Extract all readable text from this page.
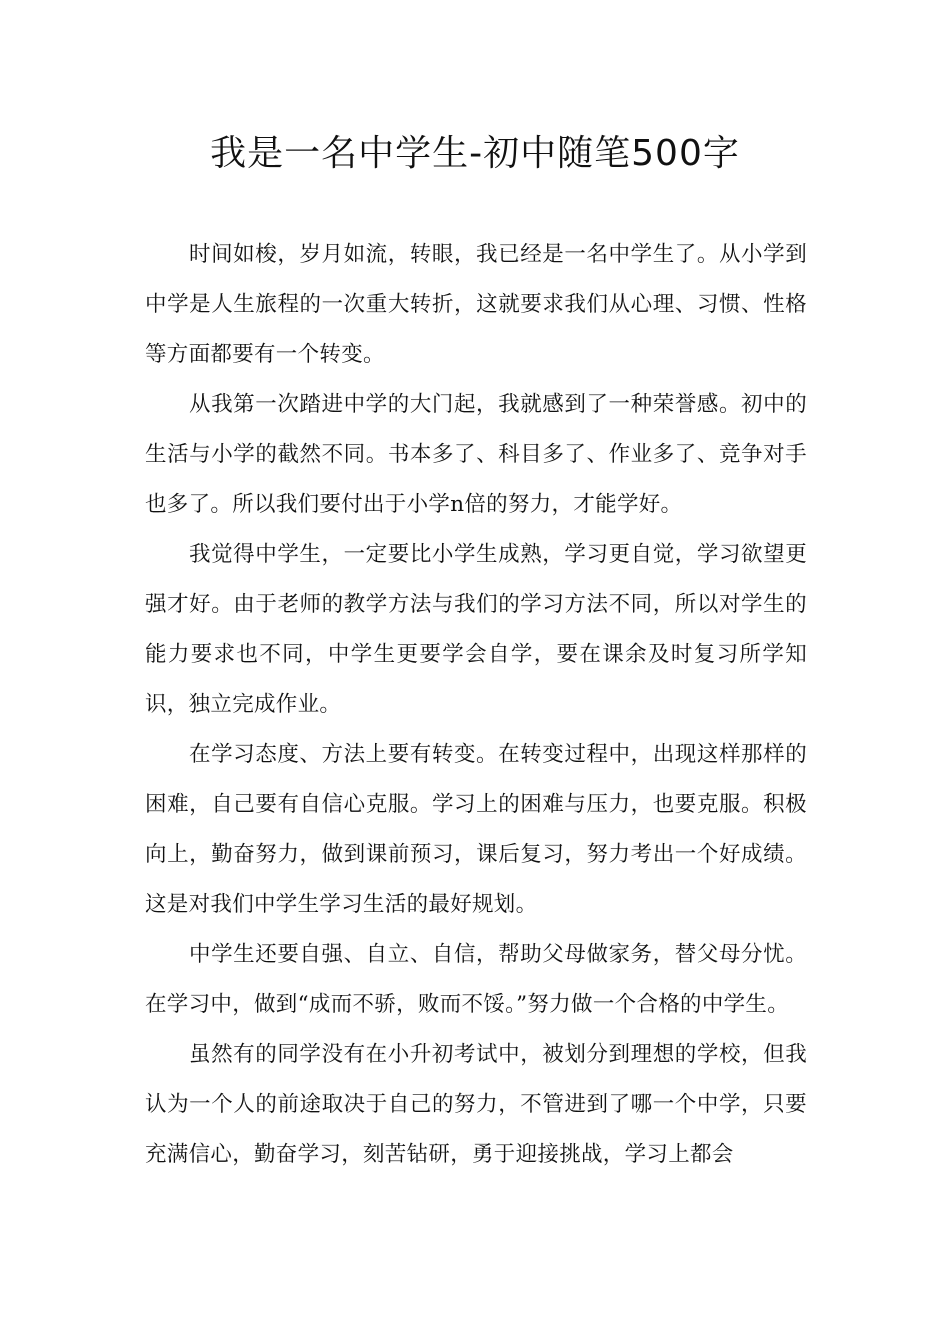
我是一名中学生-初中随笔500字

时间如梭，岁月如流，转眼，我已经是一名中学生了。从小学到中学是人生旅程的一次重大转折，这就要求我们从心理、习惯、性格等方面都要有一个转变。

从我第一次踏进中学的大门起，我就感到了一种荣誉感。初中的生活与小学的截然不同。书本多了、科目多了、作业多了、竞争对手也多了。所以我们要付出于小学n倍的努力，才能学好。

我觉得中学生，一定要比小学生成熟，学习更自觉，学习欲望更强才好。由于老师的教学方法与我们的学习方法不同，所以对学生的能力要求也不同，中学生更要学会自学，要在课余及时复习所学知识，独立完成作业。

在学习态度、方法上要有转变。在转变过程中，出现这样那样的困难，自己要有自信心克服。学习上的困难与压力，也要克服。积极向上，勤奋努力，做到课前预习，课后复习，努力考出一个好成绩。这是对我们中学生学习生活的最好规划。

中学生还要自强、自立、自信，帮助父母做家务，替父母分忧。在学习中，做到“成而不骄，败而不馁。”努力做一个合格的中学生。

虽然有的同学没有在小升初考试中，被划分到理想的学校，但我认为一个人的前途取决于自己的努力，不管进到了哪一个中学，只要充满信心，勤奋学习，刻苦钻研，勇于迎接挑战，学习上都会
